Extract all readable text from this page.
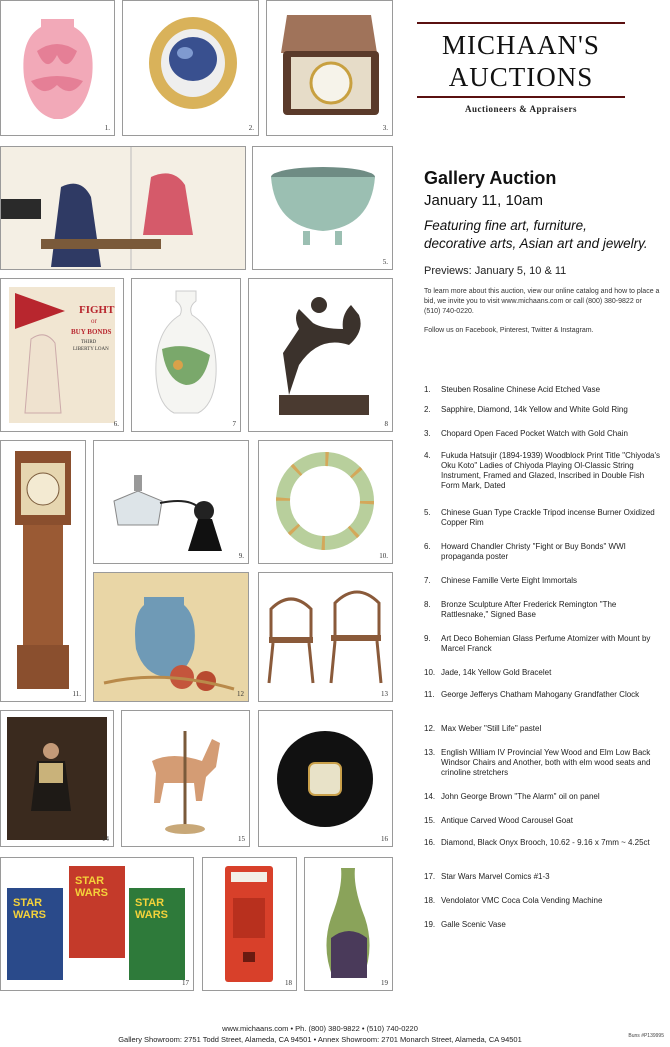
1.	2.	3.
MICHAAN'S
AUCTIONS
Auctioneers & Appraisers
5.
Gallery Auction
January 11, 10am
Featuring fine art, furniture,
decorative arts, Asian art and jewelry.
Previews: January 5, 10 & 11
To learn more about this auction, view our online catalog and how to place a bid, we invite you to visit www.michaans.com or call (800) 380-9822 or (510) 740-0220.
Follow us on Facebook, Pinterest, Twitter & Instagram.
FIGHT
or
BUY BONDS
THIRD
LIBERTY LOAN
6.	7	8
11.
9.	10.
12	13
14	15	16
STAR
WARS
STAR
WARS
STAR
WARS
17	18	19
1. Steuben Rosaline Chinese Acid Etched Vase
2. Sapphire, Diamond, 14k Yellow and White Gold Ring
3. Chopard Open Faced Pocket Watch with Gold Chain
4. Fukuda Hatsujir (1894-1939) Woodblock Print Title "Chiyoda's Oku Koto" Ladies of Chiyoda Playing Ol-Classic String Instrument, Framed and Glazed, Inscribed in Double Fish Form Mark, Dated
5. Chinese Guan Type Crackle Tripod incense Burner Oxidized Copper Rim
6. Howard Chandler Christy "Fight or Buy Bonds" WWI propaganda poster
7. Chinese Famille Verte Eight Immortals
8. Bronze Sculpture After Frederick Remington "The Rattlesnake," Signed Base
9. Art Deco Bohemian Glass Perfume Atomizer with Mount by Marcel Franck
10. Jade, 14k Yellow Gold Bracelet
11. George Jefferys Chatham Mahogany Grandfather Clock
12. Max Weber "Still Life" pastel
13. English William IV Provincial Yew Wood and Elm Low Back Windsor Chairs and Another, both with elm wood seats and crinoline stretchers
14. John George Brown "The Alarm" oil on panel
15. Antique Carved Wood Carousel Goat
16. Diamond, Black Onyx Brooch, 10.62 - 9.16 x 7mm ~ 4.25ct
17. Star Wars Marvel Comics #1-3
18. Vendolator VMC Coca Cola Vending Machine
19. Galle Scenic Vase
www.michaans.com • Ph. (800) 380-9822 • (510) 740-0220
Gallery Showroom: 2751 Todd Street, Alameda, CA 94501 • Annex Showroom: 2701 Monarch Street, Alameda, CA 94501	Buns #P139995
